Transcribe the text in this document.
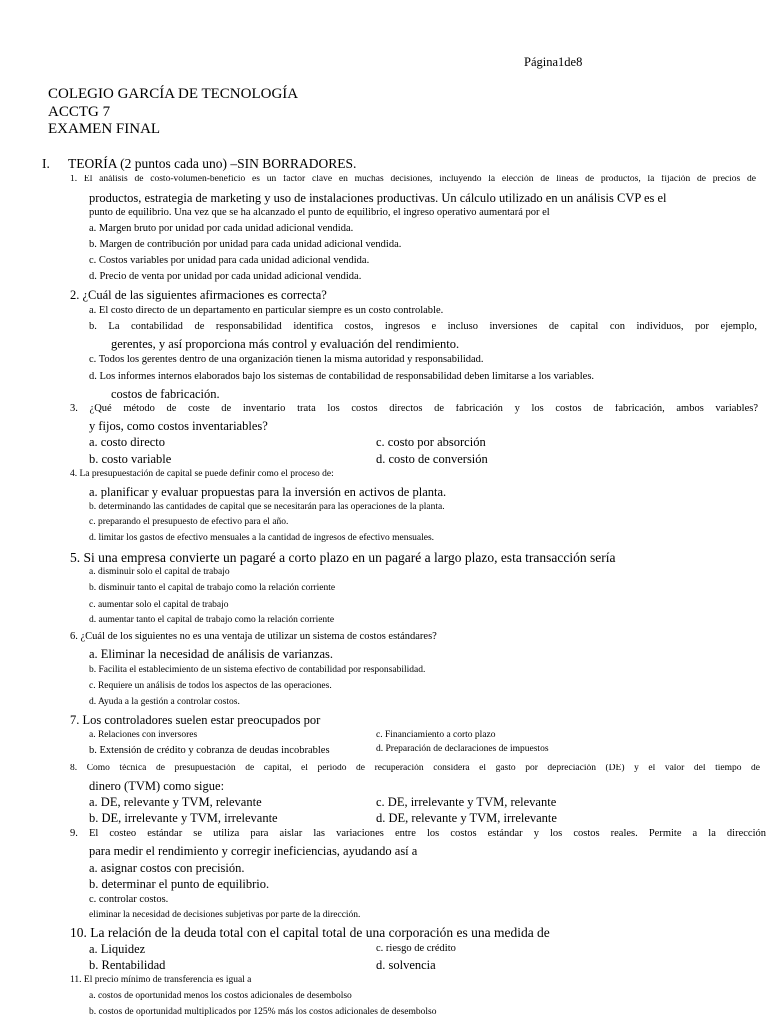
Página1de8
COLEGIO GARCÍA DE TECNOLOGÍA
ACCTG 7
EXAMEN FINAL
I. TEORÍA (2 puntos cada uno) –SIN BORRADORES.
1. El análisis de costo-volumen-beneficio es un factor clave en muchas decisiones, incluyendo la elección de líneas de productos, la fijación de precios de
productos, estrategia de marketing y uso de instalaciones productivas. Un cálculo utilizado en un análisis CVP es el
punto de equilibrio. Una vez que se ha alcanzado el punto de equilibrio, el ingreso operativo aumentará por el
a. Margen bruto por unidad por cada unidad adicional vendida.
b. Margen de contribución por unidad para cada unidad adicional vendida.
c. Costos variables por unidad para cada unidad adicional vendida.
d. Precio de venta por unidad por cada unidad adicional vendida.
2. ¿Cuál de las siguientes afirmaciones es correcta?
a. El costo directo de un departamento en particular siempre es un costo controlable.
b. La contabilidad de responsabilidad identifica costos, ingresos e incluso inversiones de capital con individuos, por ejemplo,
gerentes, y así proporciona más control y evaluación del rendimiento.
c. Todos los gerentes dentro de una organización tienen la misma autoridad y responsabilidad.
d. Los informes internos elaborados bajo los sistemas de contabilidad de responsabilidad deben limitarse a los variables.
costos de fabricación.
3. ¿Qué método de coste de inventario trata los costos directos de fabricación y los costos de fabricación, ambos variables?
y fijos, como costos inventariables?
a. costo directo	c. costo por absorción
b. costo variable	d. costo de conversión
4. La presupuestación de capital se puede definir como el proceso de:
a. planificar y evaluar propuestas para la inversión en activos de planta.
b. determinando las cantidades de capital que se necesitarán para las operaciones de la planta.
c. preparando el presupuesto de efectivo para el año.
d. limitar los gastos de efectivo mensuales a la cantidad de ingresos de efectivo mensuales.
5. Si una empresa convierte un pagaré a corto plazo en un pagaré a largo plazo, esta transacción sería
a. disminuir solo el capital de trabajo
b. disminuir tanto el capital de trabajo como la relación corriente
c. aumentar solo el capital de trabajo
d. aumentar tanto el capital de trabajo como la relación corriente
6. ¿Cuál de los siguientes no es una ventaja de utilizar un sistema de costos estándares?
a. Eliminar la necesidad de análisis de varianzas.
b. Facilita el establecimiento de un sistema efectivo de contabilidad por responsabilidad.
c. Requiere un análisis de todos los aspectos de las operaciones.
d. Ayuda a la gestión a controlar costos.
7. Los controladores suelen estar preocupados por
a. Relaciones con inversores	c. Financiamiento a corto plazo
b. Extensión de crédito y cobranza de deudas incobrables	d. Preparación de declaraciones de impuestos
8. Como técnica de presupuestación de capital, el período de recuperación considera el gasto por depreciación (DE) y el valor del tiempo de
dinero (TVM) como sigue:
a. DE, relevante y TVM, relevante	c. DE, irrelevante y TVM, relevante
b. DE, irrelevante y TVM, irrelevante	d. DE, relevante y TVM, irrelevante
9. El costeo estándar se utiliza para aislar las variaciones entre los costos estándar y los costos reales. Permite a la dirección
para medir el rendimiento y corregir ineficiencias, ayudando así a
a. asignar costos con precisión.
b. determinar el punto de equilibrio.
c. controlar costos.
eliminar la necesidad de decisiones subjetivas por parte de la dirección.
10. La relación de la deuda total con el capital total de una corporación es una medida de
a. Liquidez	c. riesgo de crédito
b. Rentabilidad	d. solvencia
11. El precio mínimo de transferencia es igual a
a. costos de oportunidad menos los costos adicionales de desembolso
b. costos de oportunidad multiplicados por 125% más los costos adicionales de desembolso
